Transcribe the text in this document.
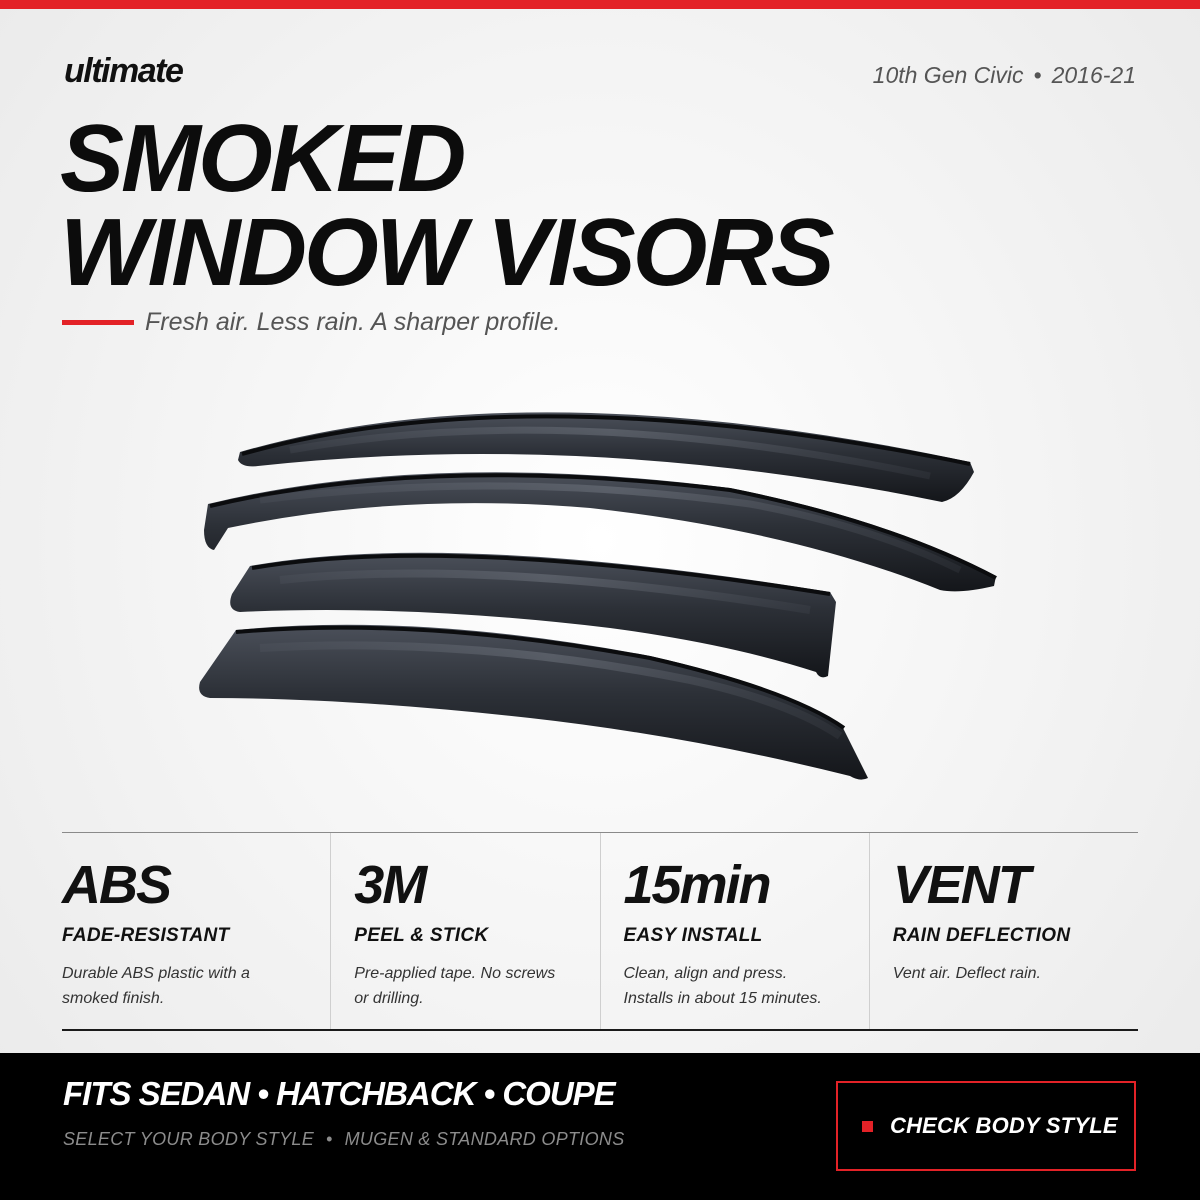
ultimate	10th Gen Civic • 2016-21
SMOKED
WINDOW VISORS
Fresh air. Less rain. A sharper profile.
ABS
FADE-RESISTANT
Durable ABS plastic with a smoked finish.
3M
PEEL & STICK
Pre-applied tape. No screws or drilling.
15min
EASY INSTALL
Clean, align and press. Installs in about 15 minutes.
VENT
RAIN DEFLECTION
Vent air. Deflect rain.
FITS SEDAN • HATCHBACK • COUPE
SELECT YOUR BODY STYLE • MUGEN & STANDARD OPTIONS
CHECK BODY STYLE
